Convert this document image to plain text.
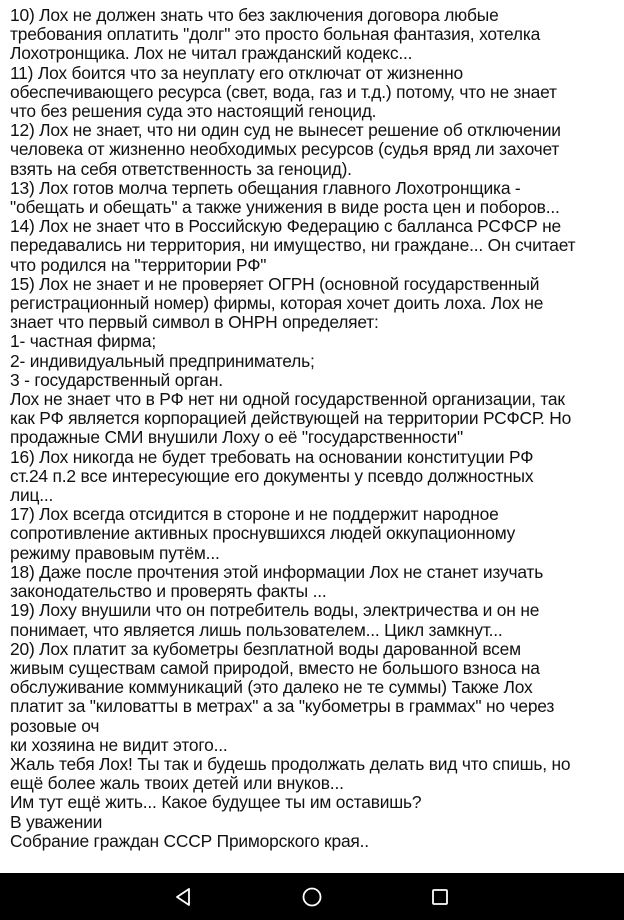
10) Лох не должен знать что без заключения договора любые
требования оплатить "долг" это просто больная фантазия, хотелка
Лохотронщика. Лох не читал гражданский кодекс...
11) Лох боится что за неуплату его отключат от жизненно
обеспечивающего ресурса (свет, вода, газ и т.д.) потому, что не знает
что без решения суда это настоящий геноцид.
12) Лох не знает, что ни один суд не вынесет решение об отключении
человека от жизненно необходимых ресурсов (судья вряд ли захочет
взять на себя ответственность за геноцид).
13) Лох готов молча терпеть обещания главного Лохотронщика -
"обещать и обещать" а также унижения в виде роста цен и поборов...
14) Лох не знает что в Российскую Федерацию с балланса РСФСР не
передавались ни территория, ни имущество, ни граждане... Он считает
что родился на "территории РФ"
15) Лох не знает и не проверяет ОГРН (основной государственный
регистрационный номер) фирмы, которая хочет доить лоха. Лох не
знает что первый символ в ОНРН определяет:
1- частная фирма;
2- индивидуальный предприниматель;
3 - государственный орган.
Лох не знает что в РФ нет ни одной государственной организации, так
как РФ является корпорацией действующей на территории РСФСР. Но
продажные СМИ внушили Лоху о её "государственности"
16) Лох никогда не будет требовать на основании конституции РФ
ст.24 п.2 все интересующие его документы у псевдо должностных
лиц...
17) Лох всегда отсидится в стороне и не поддержит народное
сопротивление активных проснувшихся людей оккупационному
режиму правовым путём...
18) Даже после прочтения этой информации Лох не станет изучать
законодательство и проверять факты ...
19) Лоху внушили что он потребитель воды, электричества и он не
понимает, что является лишь пользователем... Цикл замкнут...
20) Лох платит за кубометры безплатной воды дарованной всем
живым существам самой природой, вместо не большого взноса на
обслуживание коммуникаций (это далеко не те суммы) Также Лох
платит за "киловатты в метрах" а за "кубометры в граммах" но через
розовые оч
ки хозяина не видит этого...
Жаль тебя Лох! Ты так и будешь продолжать делать вид что спишь, но
ещё более жаль твоих детей или внуков...
Им тут ещё жить... Какое будущее ты им оставишь?
В уважении
Собрание граждан СССР Приморского края..
